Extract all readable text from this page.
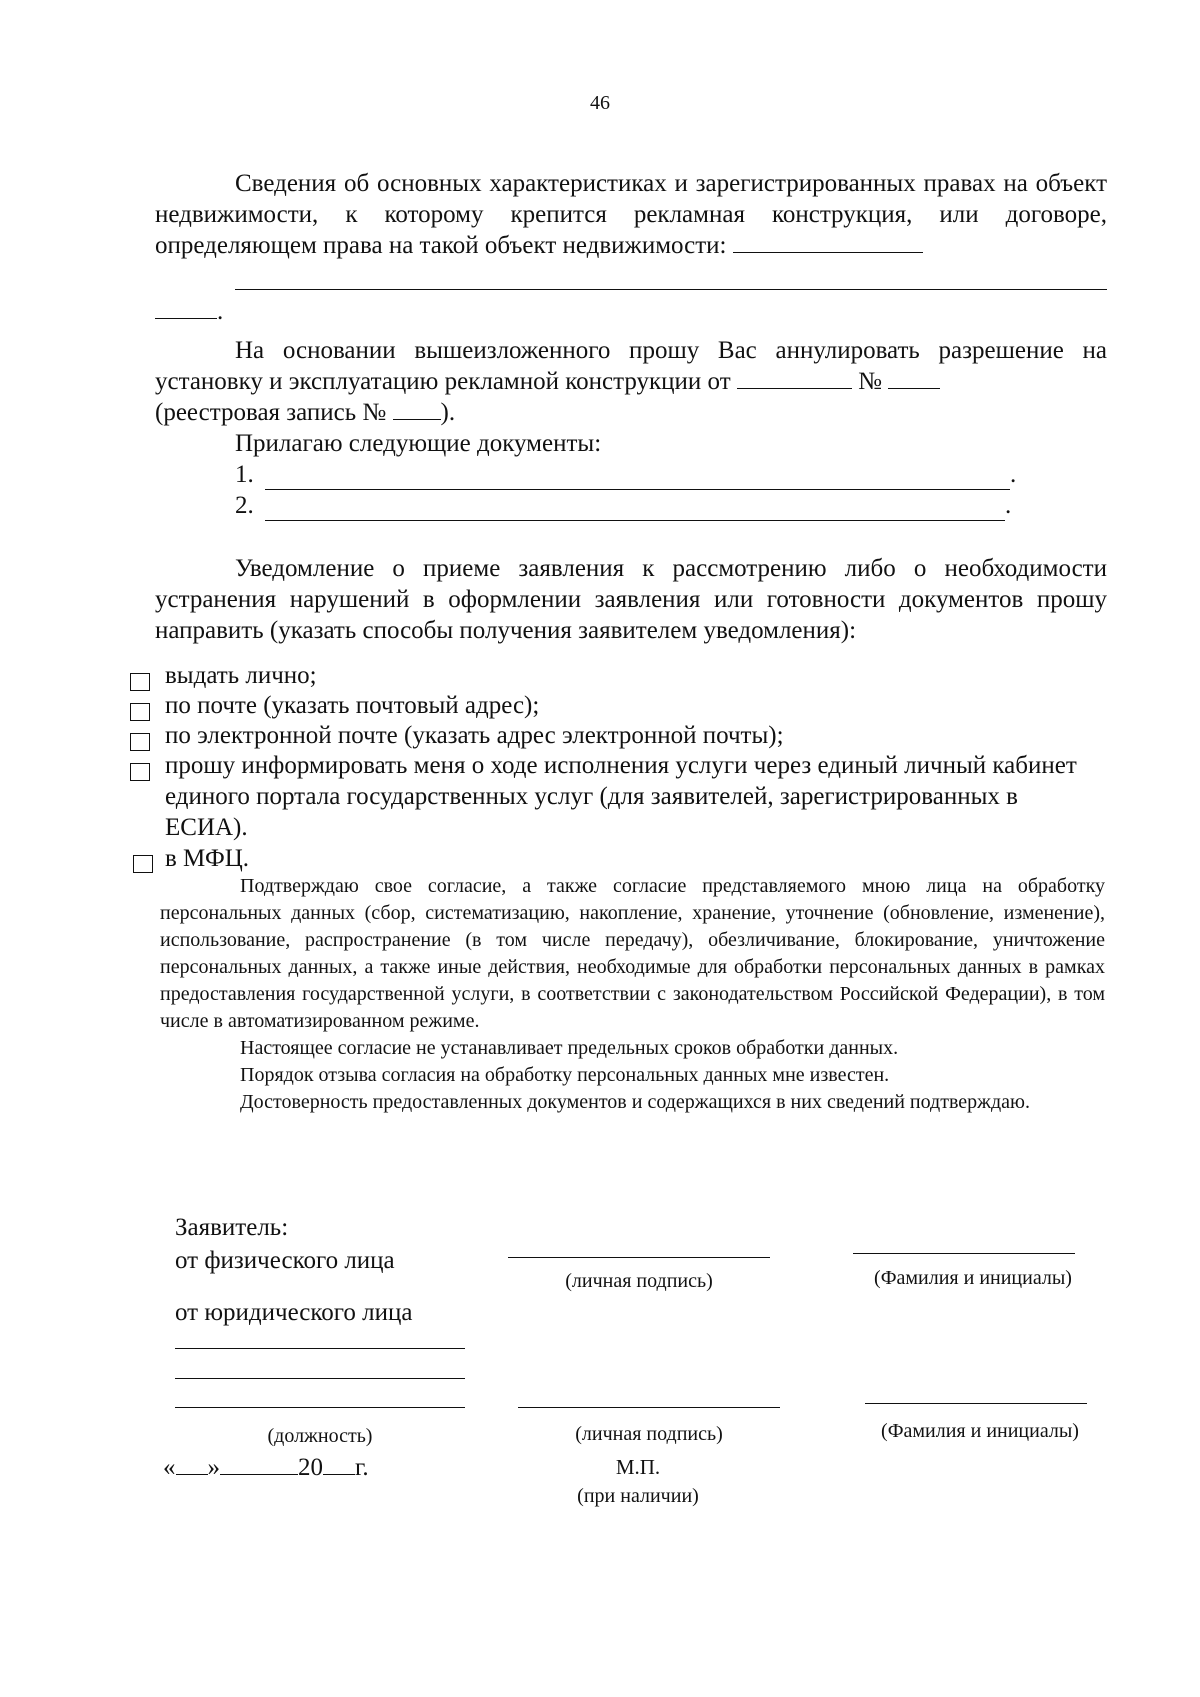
46

Сведения об основных характеристиках и зарегистрированных правах на объект недвижимости, к которому крепится рекламная конструкция, или договоре, определяющем права на такой объект недвижимости:

.

На основании вышеизложенного прошу Вас аннулировать разрешение на установку и эксплуатацию рекламной конструкции от	№

(реестровая запись № ).
Прилагаю следующие документы:
1.	.
2.	.

Уведомление о приеме заявления к рассмотрению либо о необходимости устранения нарушений в оформлении заявления или готовности документов прошу направить (указать способы получения заявителем уведомления):

выдать лично;
по почте (указать почтовый адрес);
по электронной почте (указать адрес электронной почты);
прошу информировать меня о ходе исполнения услуги через единый личный кабинет единого портала государственных услуг (для заявителей, зарегистрированных в ЕСИА).
в МФЦ.

Подтверждаю свое согласие, а также согласие представляемого мною лица на обработку персональных данных (сбор, систематизацию, накопление, хранение, уточнение (обновление, изменение), использование, распространение (в том числе передачу), обезличивание, блокирование, уничтожение персональных данных, а также иные действия, необходимые для обработки персональных данных в рамках предоставления государственной услуги, в соответствии с законодательством Российской Федерации), в том числе в автоматизированном режиме.

Настоящее согласие не устанавливает предельных сроков обработки данных.

Порядок отзыва согласия на обработку персональных данных мне известен.

Достоверность предоставленных документов и содержащихся в них сведений подтверждаю.

Заявитель:
от физического лица
(личная подпись)	(Фамилия и инициалы)
от юридического лица
(должность)	(личная подпись)	(Фамилия и инициалы)
« »	20 г.	М.П.
(при наличии)
